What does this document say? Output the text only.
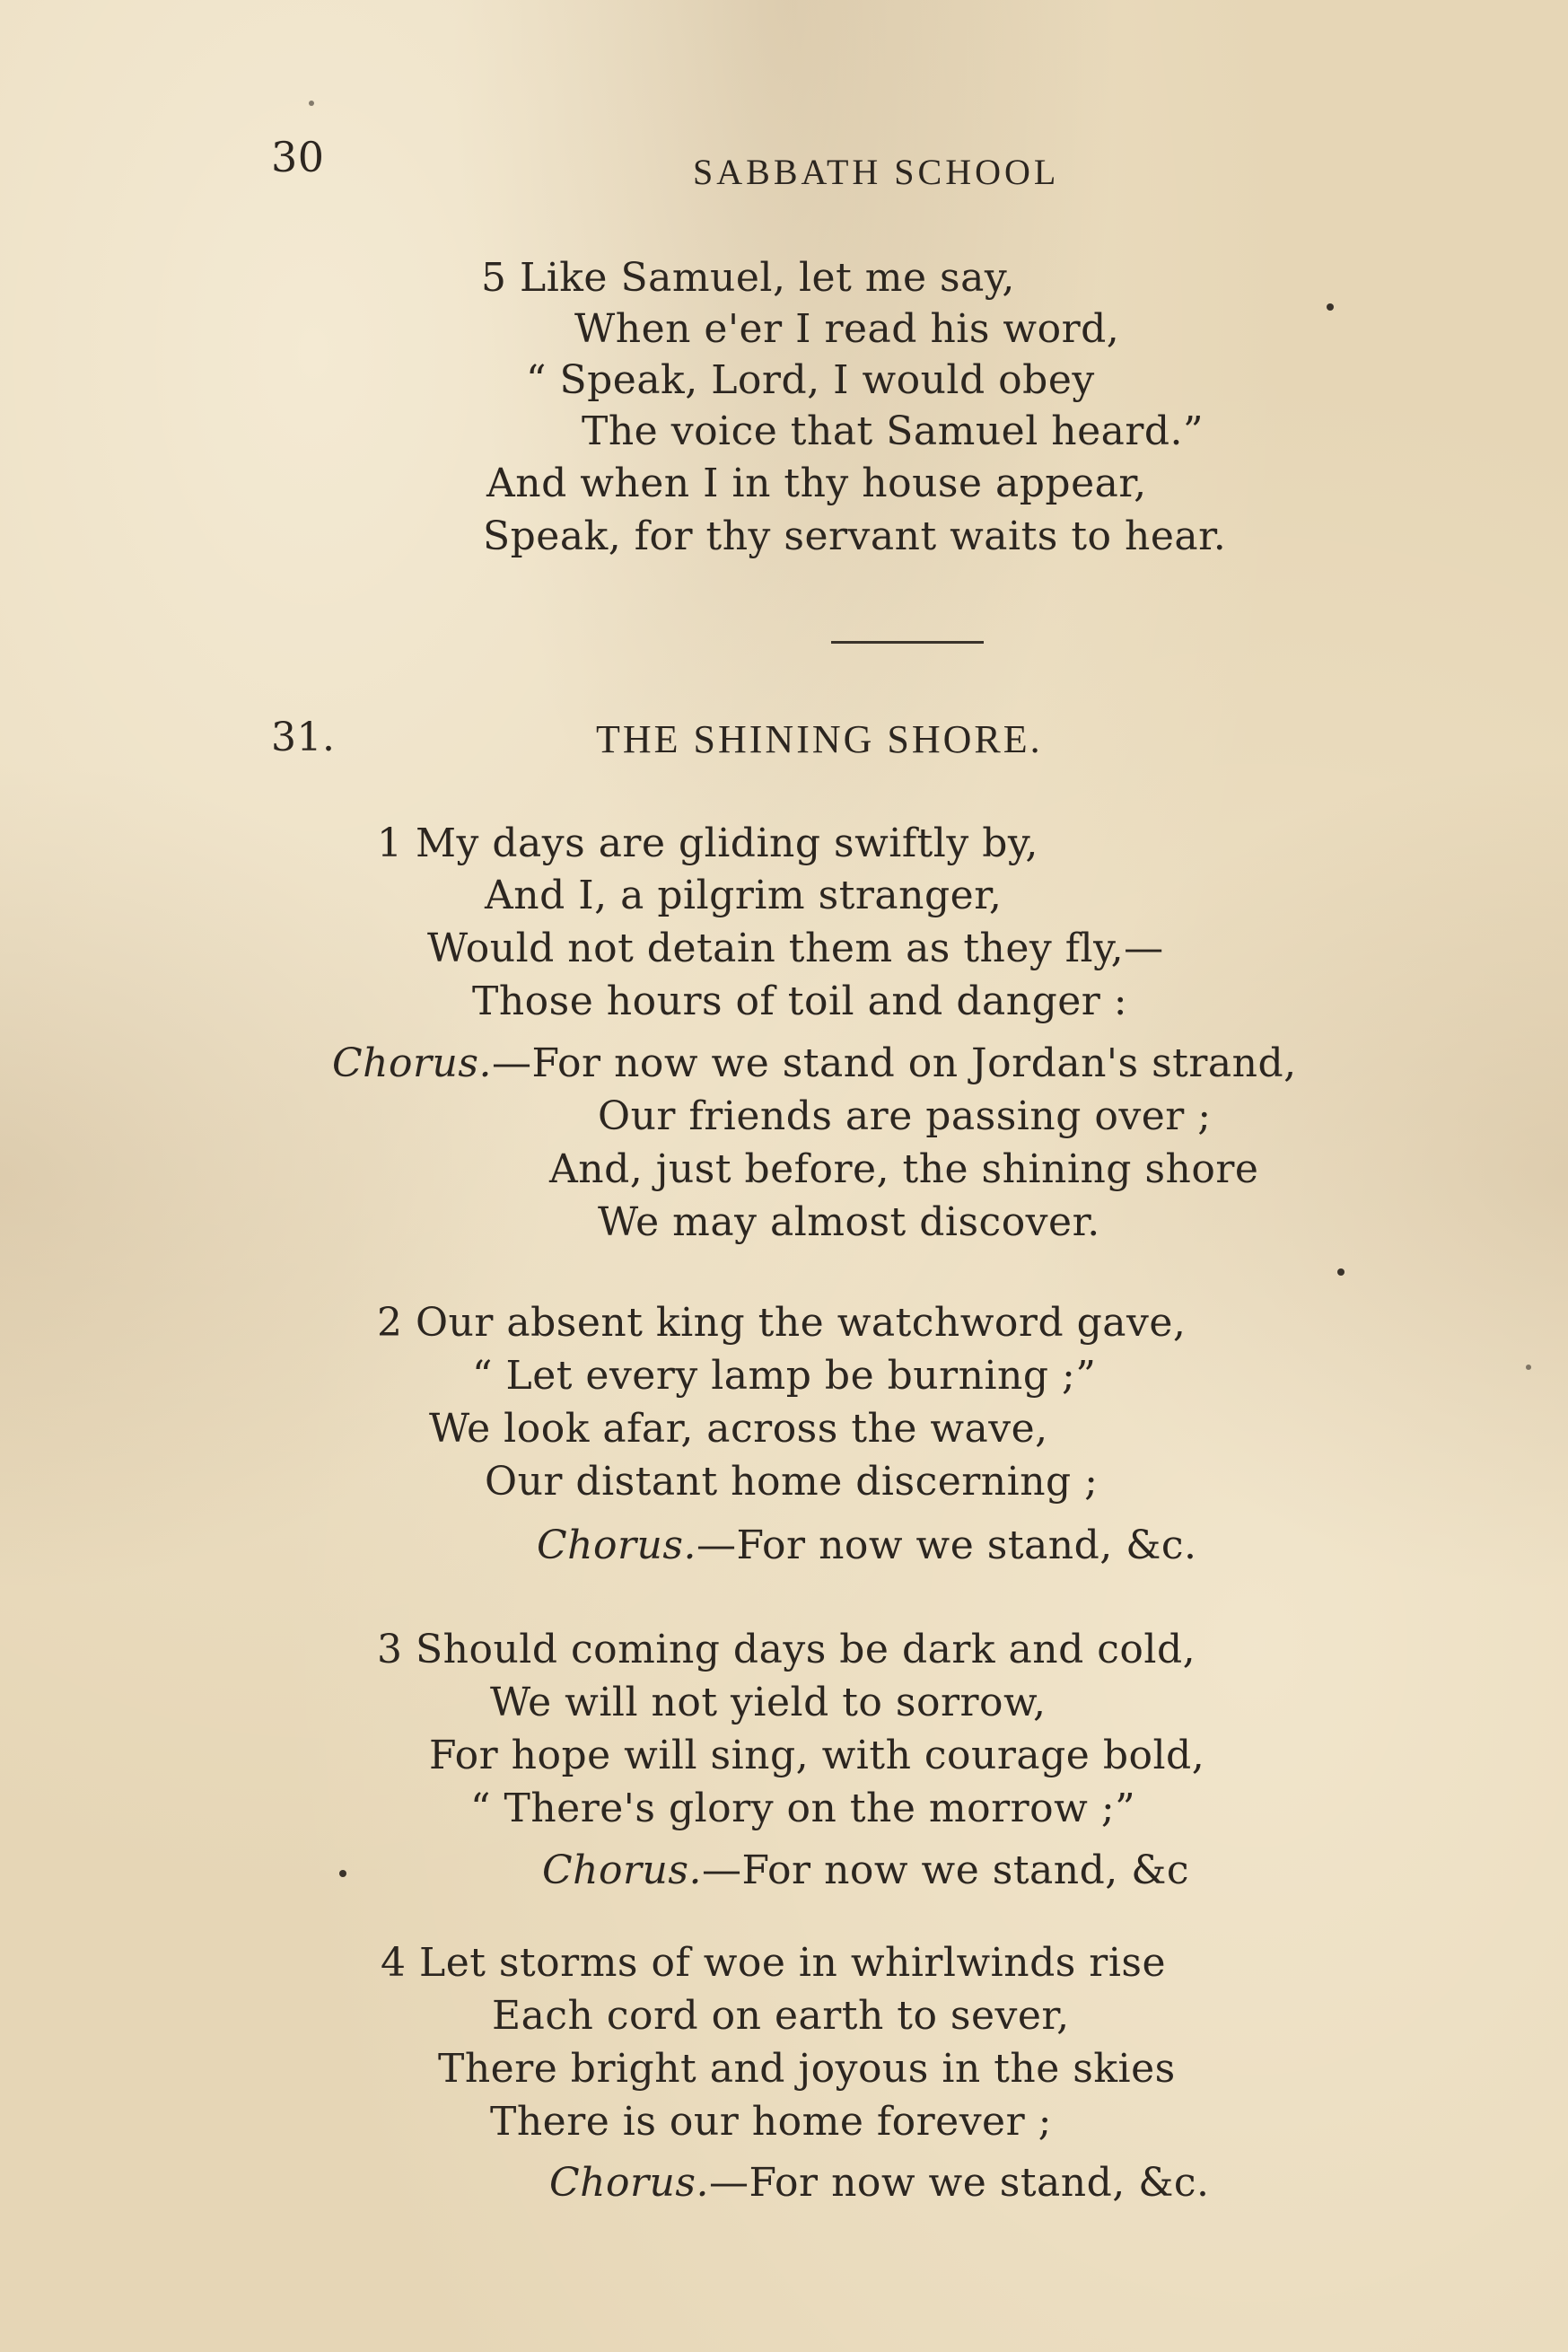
30	SABBATH SCHOOL
5 Like Samuel, let me say,
When e'er I read his word,
“ Speak, Lord, I would obey
The voice that Samuel heard.”
And when I in thy house appear,
Speak, for thy servant waits to hear.
31.	THE SHINING SHORE.
1 My days are gliding swiftly by,
And I, a pilgrim stranger,
Would not detain them as they fly,—
Those hours of toil and danger :
Chorus.—For now we stand on Jordan's strand,
Our friends are passing over ;
And, just before, the shining shore
We may almost discover.
2 Our absent king the watchword gave,
“ Let every lamp be burning ;”
We look afar, across the wave,
Our distant home discerning ;
Chorus.—For now we stand, &c.
3 Should coming days be dark and cold,
We will not yield to sorrow,
For hope will sing, with courage bold,
“ There's glory on the morrow ;”
Chorus.—For now we stand, &c
4 Let storms of woe in whirlwinds rise
Each cord on earth to sever,
There bright and joyous in the skies
There is our home forever ;
Chorus.—For now we stand, &c.
